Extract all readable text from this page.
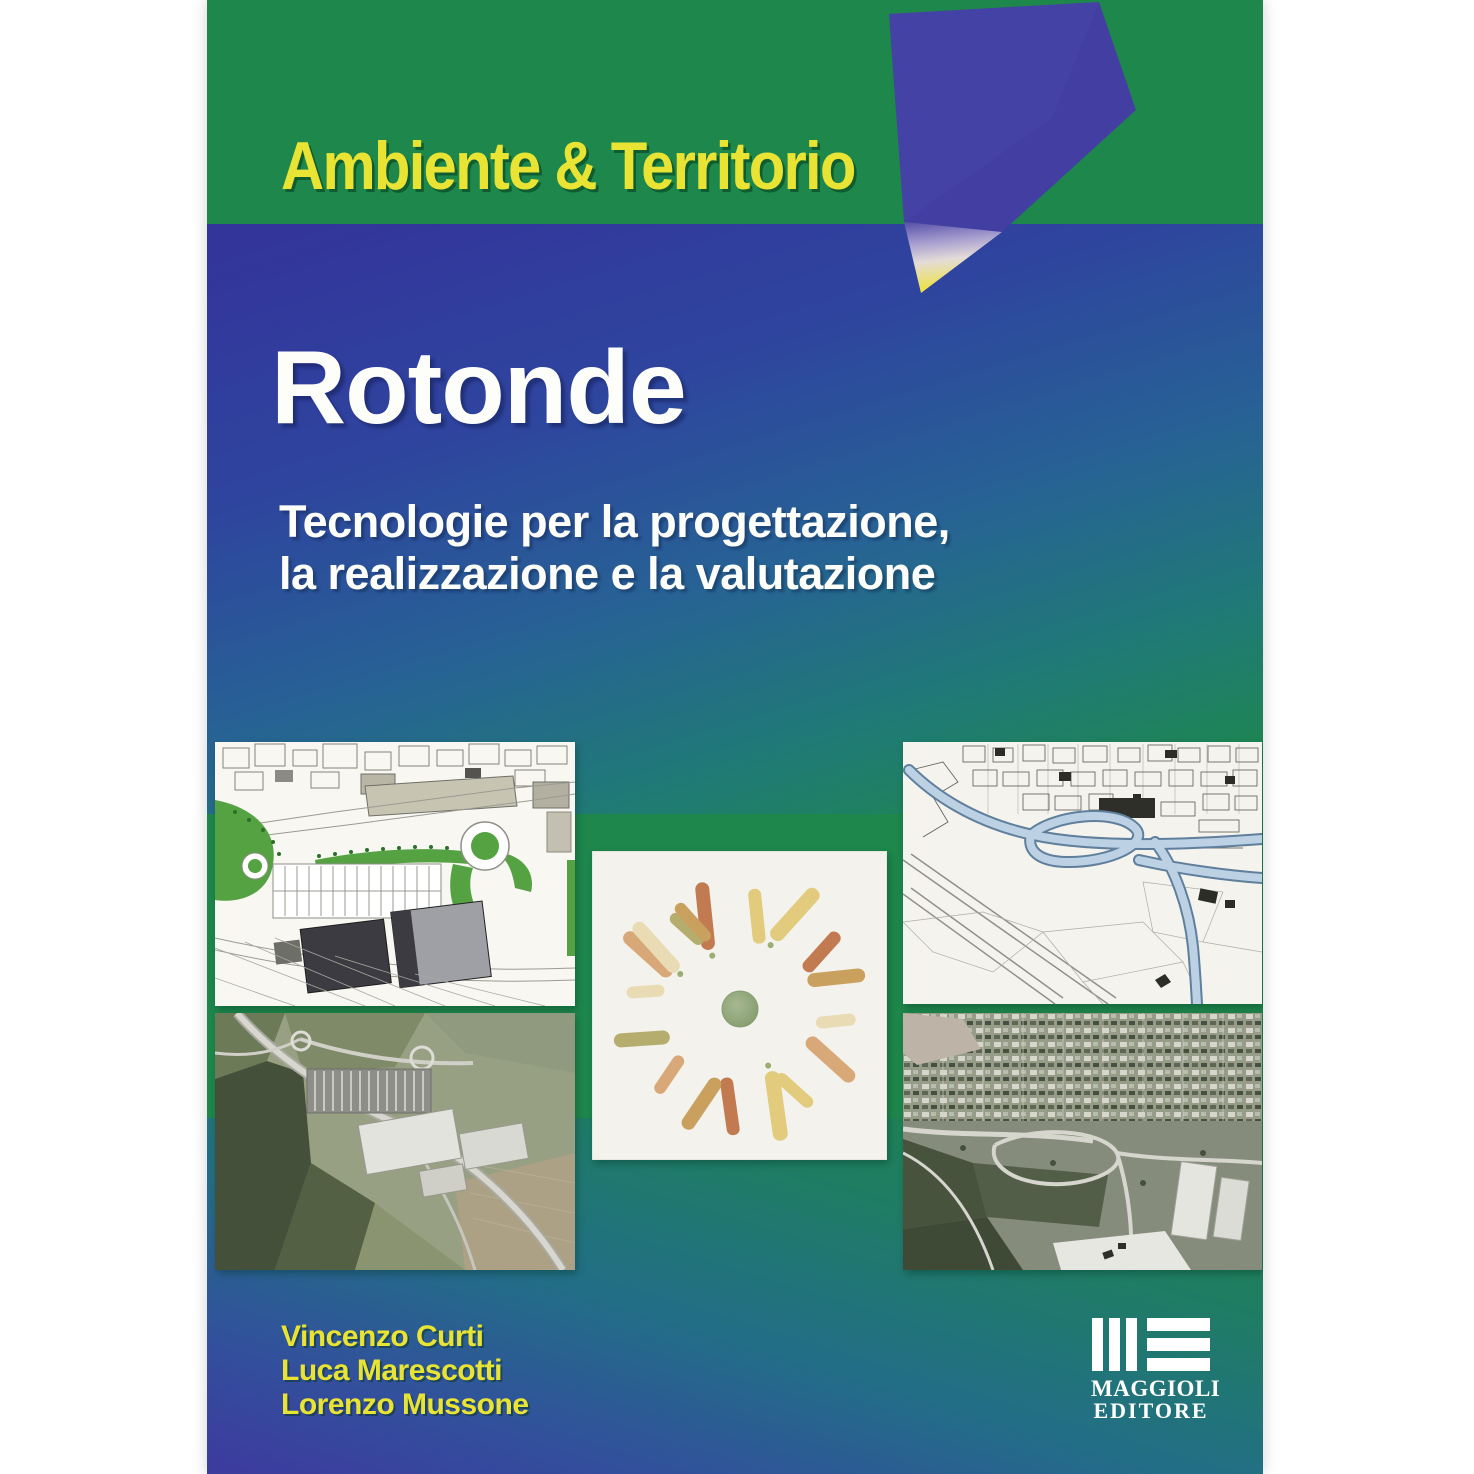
Ambiente & Territorio
Rotonde
Tecnologie per la progettazione,
la realizzazione e la valutazione
Vincenzo Curti
Luca Marescotti
Lorenzo Mussone	MAGGIOLI
EDITORE
